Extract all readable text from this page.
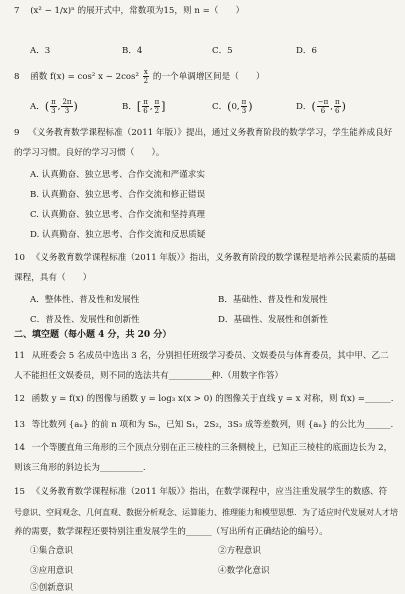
7 (x² − 1/x)ⁿ 的展开式中，常数项为15，则 n =（　　）
A．3	B．4	C．5	D．6
8 函数 f(x) = cos² $x - 2\cos^2 \frac{x}{2}$ 的一个单调增区间是（　　）
A．( $\frac{\pi}{3}$ , $\frac{2\pi}{3}$ )	B．[ $\frac{\pi}{6}$ , $\frac{\pi}{2}$ ]	C．(0, $\frac{\pi}{3}$ )	D．( $\frac{-\pi}{6}$ , $\frac{\pi}{6}$ )
9 《义务教育数学课程标准（2011 年版）》提出，通过义务教育阶段的数学学习，学生能养成良好
的学习习惯。良好的学习习惯（　　）。
A. 认真勤奋、独立思考、合作交流和严谨求实
B. 认真勤奋、独立思考、合作交流和修正错误
C. 认真勤奋、独立思考、合作交流和坚持真理
D. 认真勤奋、独立思考、合作交流和反思质疑
10 《义务教育数学课程标准（2011 年版）》指出，义务教育阶段的数学课程是培养公民素质的基础
课程，具有（　　）
A．整体性、普及性和发展性	B．基础性、普及性和发展性
C．普及性、发展性和创新性	D．基础性、发展性和创新性
二、填空题（每小题 4 分，共 20 分）
11 从班委会 5 名成员中选出 3 名，分别担任班级学习委员、文娱委员与体育委员，其中甲、乙二
人不能担任文娱委员，则不同的选法共有__________种.（用数字作答）
12 函数 y = f(x) 的图像与函数 y = log₃ x(x > 0) 的图像关于直线 y = x 对称，则 f(x) =______.
13 等比数列 {aₙ} 的前 n 项和为 Sₙ，已知 S₁，2S₂，3S₃ 成等差数列，则 {aₙ} 的公比为______.
14 一个等腰直角三角形的三个顶点分别在正三棱柱的三条侧棱上，已知正三棱柱的底面边长为 2，
则该三角形的斜边长为__________.
15 《义务教育数学课程标准（2011 年版）》指出，在数学课程中，应当注重发展学生的数感、符
号意识、空间观念、几何直观、数据分析观念、运算能力、推理能力和模型思想．为了适应时代发展对人才培
养的需要，数学课程还要特别注重发展学生的______（写出所有正确结论的编号）。
①集合意识	②方程意识
③应用意识	④数学化意识
⑤创新意识
